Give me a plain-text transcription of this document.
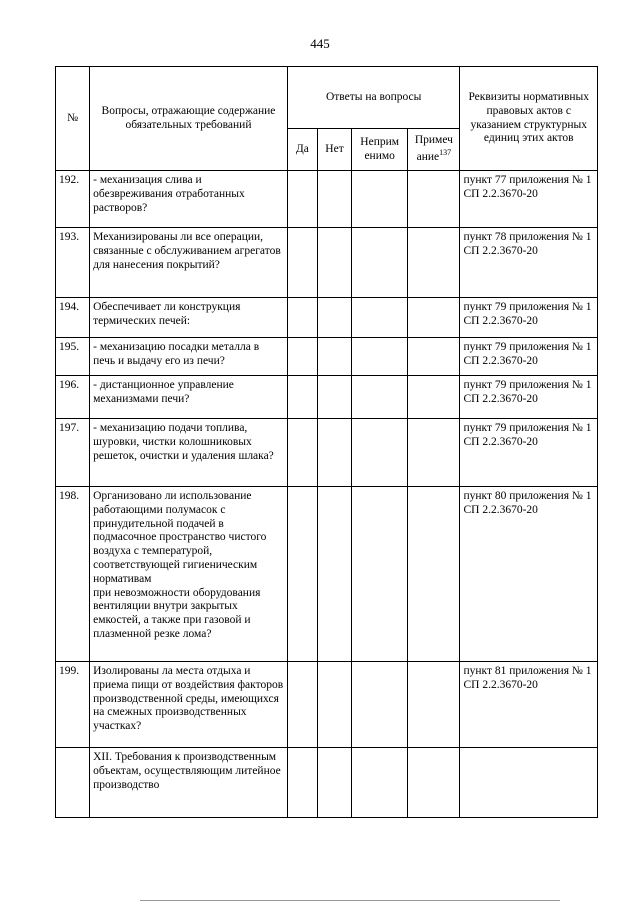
445
№	Вопросы, отражающие содержание обязательных требований	Ответы на вопросы				Реквизиты нормативных правовых актов с указанием структурных единиц этих актов
		Да	Нет	Неприм енимо	Примеч ание$^{137}$
192.	- механизация слива и обезвреживания отработанных растворов?					пункт 77 приложения № 1 СП 2.2.3670-20
193.	Механизированы ли все операции, связанные с обслуживанием агрегатов для нанесения покрытий?					пункт 78 приложения № 1 СП 2.2.3670-20
194.	Обеспечивает ли конструкция термических печей:					пункт 79 приложения № 1 СП 2.2.3670-20
195.	- механизацию посадки металла в печь и выдачу его из печи?					пункт 79 приложения № 1 СП 2.2.3670-20
196.	- дистанционное управление механизмами печи?					пункт 79 приложения № 1 СП 2.2.3670-20
197.	- механизацию подачи топлива, шуровки, чистки колошниковых решеток, очистки и удаления шлака?					пункт 79 приложения № 1 СП 2.2.3670-20
198.	Организовано ли использование работающими полумасок с принудительной подачей в подмасочное пространство чистого воздуха с температурой, соответствующей гигиеническим нормативам
при невозможности оборудования вентиляции внутри закрытых емкостей, а также при газовой и плазменной резке лома?					пункт 80 приложения № 1 СП 2.2.3670-20
199.	Изолированы ла места отдыха и приема пищи от воздействия факторов производственной среды, имеющихся на смежных производственных участках?					пункт 81 приложения № 1 СП 2.2.3670-20
	XII. Требования к производственным объектам, осуществляющим литейное производство					
